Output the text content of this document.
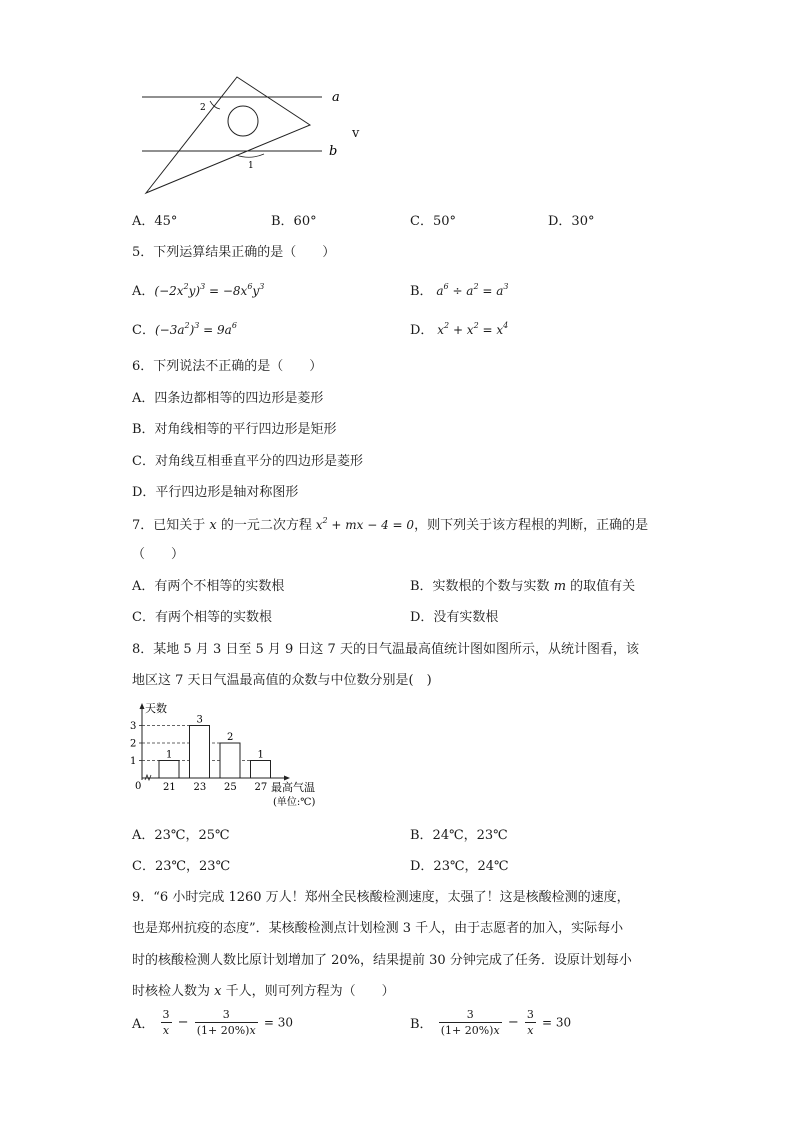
a
b
2
1
v
A．45°	B．60°	C．50°	D．30°
5．下列运算结果正确的是（　　）
A．$(-2x^2y)^3 = -8x^6y^3$	B． $a^6 \div a^2 = a^3$
C．$(-3a^2)^3 = 9a^6$	D． $x^2 + x^2 = x^4$
6．下列说法不正确的是（　　）
A．四条边都相等的四边形是菱形
B．对角线相等的平行四边形是矩形
C．对角线互相垂直平分的四边形是菱形
D．平行四边形是轴对称图形
7．已知关于 x 的一元二次方程 $x^2$ + mx − 4 = 0，则下列关于该方程根的判断，正确的是
（　　）
A．有两个不相等的实数根	B．实数根的个数与实数 m 的取值有关
C．有两个相等的实数根	D．没有实数根
8．某地 5 月 3 日至 5 月 9 日这 7 天的日气温最高值统计图如图所示，从统计图看，该
地区这 7 天日气温最高值的众数与中位数分别是(　)
天数
最高气温
(单位:℃)
0
1
2
3
1
21
3
23
2
25
1
27
A．23℃，25℃	B．24℃，23℃
C．23℃，23℃	D．23℃，24℃
9．“6 小时完成 1260 万人！郑州全民核酸检测速度，太强了！这是核酸检测的速度，
也是郑州抗疫的态度”．某核酸检测点计划检测 3 千人，由于志愿者的加入，实际每小
时的核酸检测人数比原计划增加了 20%，结果提前 30 分钟完成了任务．设原计划每小
时核检人数为 x 千人，则可列方程为（　　）
A． $\frac{3}{x} - \frac{3}{(1+ 20\%)x} = 30$	B． $\frac{3}{(1+ 20\%)x} - \frac{3}{x} = 30$
